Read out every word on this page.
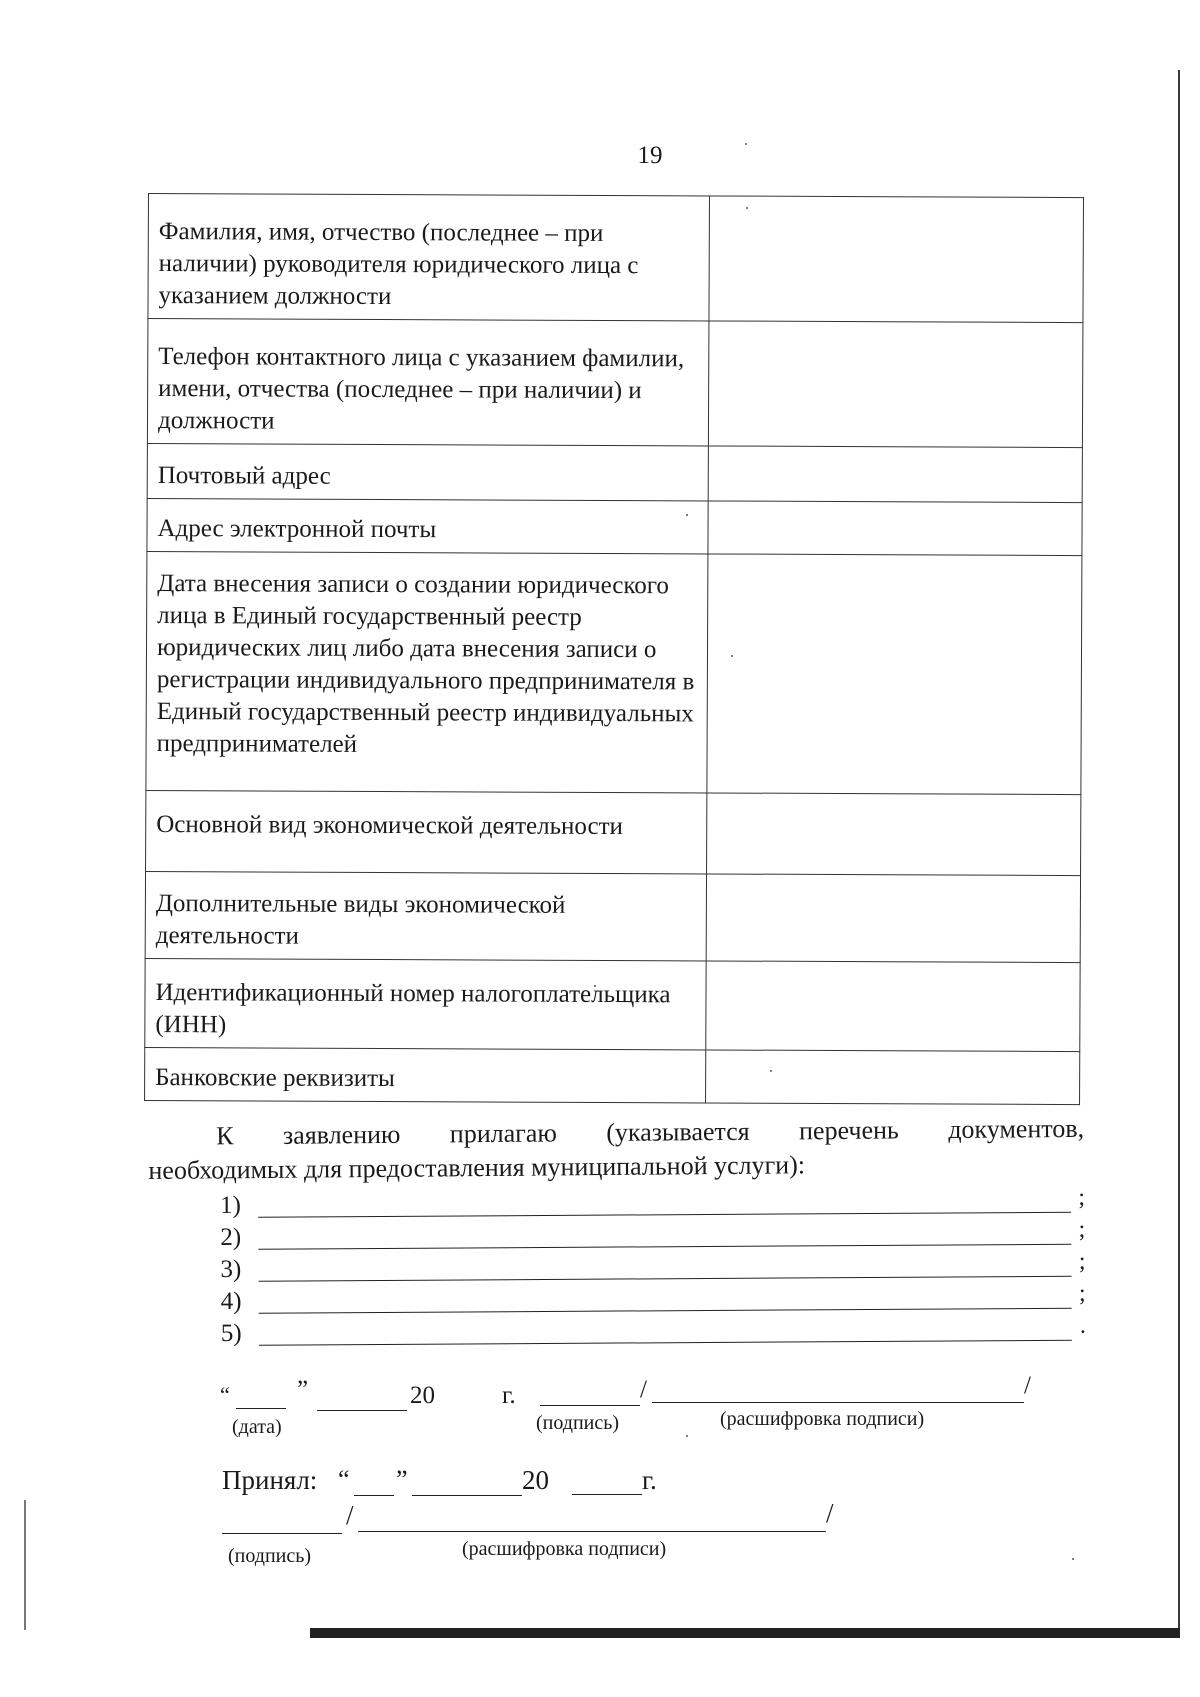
19
Фамилия, имя, отчество (последнее – при наличии) руководителя юридического лица с указанием должности	
Телефон контактного лица с указанием фамилии, имени, отчества (последнее – при наличии) и должности	
Почтовый адрес	
Адрес электронной почты	
Дата внесения записи о создании юридического лица в Единый государственный реестр юридических лиц либо дата внесения записи о регистрации индивидуального предпринимателя в Единый государственный реестр индивидуальных предпринимателей	
Основной вид экономической деятельности	
Дополнительные виды экономической деятельности	
Идентификационный номер налогоплательщика (ИНН)	
Банковские реквизиты	

К заявлению прилагаю (указывается перечень документов,

необходимых для предоставления муниципальной услуги):

1)	;
2)	;
3)	;
4)	;
5)	.
“	”	20	г.	/	/
(дата)	(подпись)	(расшифровка подписи)
Принял: “ ”	20	г.
/	/
(подпись)	(расшифровка подписи)
